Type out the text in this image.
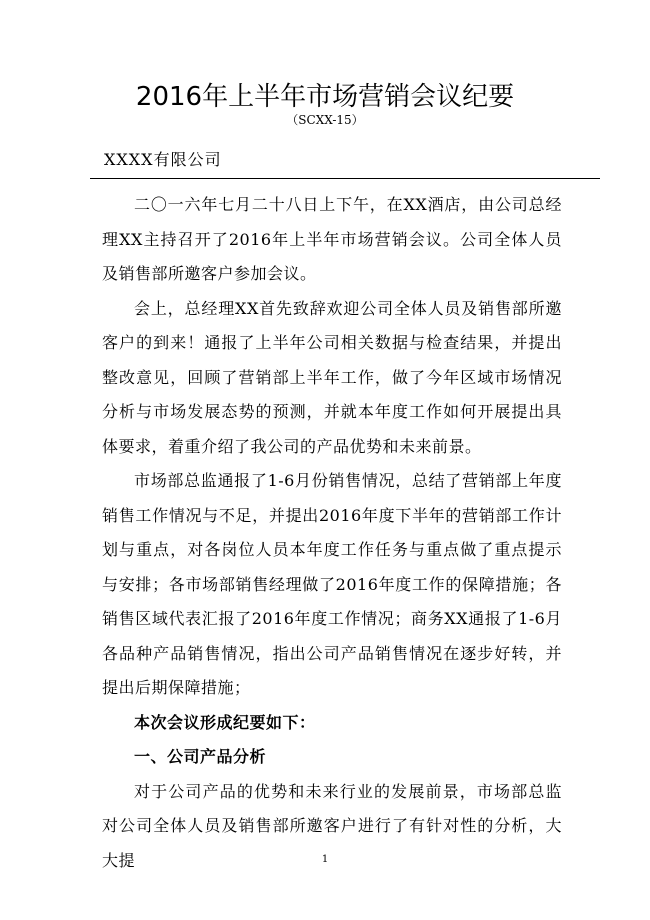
2016年上半年市场营销会议纪要
（SCXX-15）
XXXX有限公司

二〇一六年七月二十八日上下午，在XX酒店，由公司总经理XX主持召开了2016年上半年市场营销会议。公司全体人员及销售部所邀客户参加会议。

会上，总经理XX首先致辞欢迎公司全体人员及销售部所邀客户的到来！通报了上半年公司相关数据与检查结果，并提出整改意见，回顾了营销部上半年工作，做了今年区域市场情况分析与市场发展态势的预测，并就本年度工作如何开展提出具体要求，着重介绍了我公司的产品优势和未来前景。

市场部总监通报了1-6月份销售情况，总结了营销部上年度销售工作情况与不足，并提出2016年度下半年的营销部工作计划与重点，对各岗位人员本年度工作任务与重点做了重点提示与安排；各市场部销售经理做了2016年度工作的保障措施；各销售区域代表汇报了2016年度工作情况；商务XX通报了1-6月各品种产品销售情况，指出公司产品销售情况在逐步好转，并提出后期保障措施；

本次会议形成纪要如下：

一、公司产品分析

对于公司产品的优势和未来行业的发展前景，市场部总监对公司全体人员及销售部所邀客户进行了有针对性的分析，大大提	1
